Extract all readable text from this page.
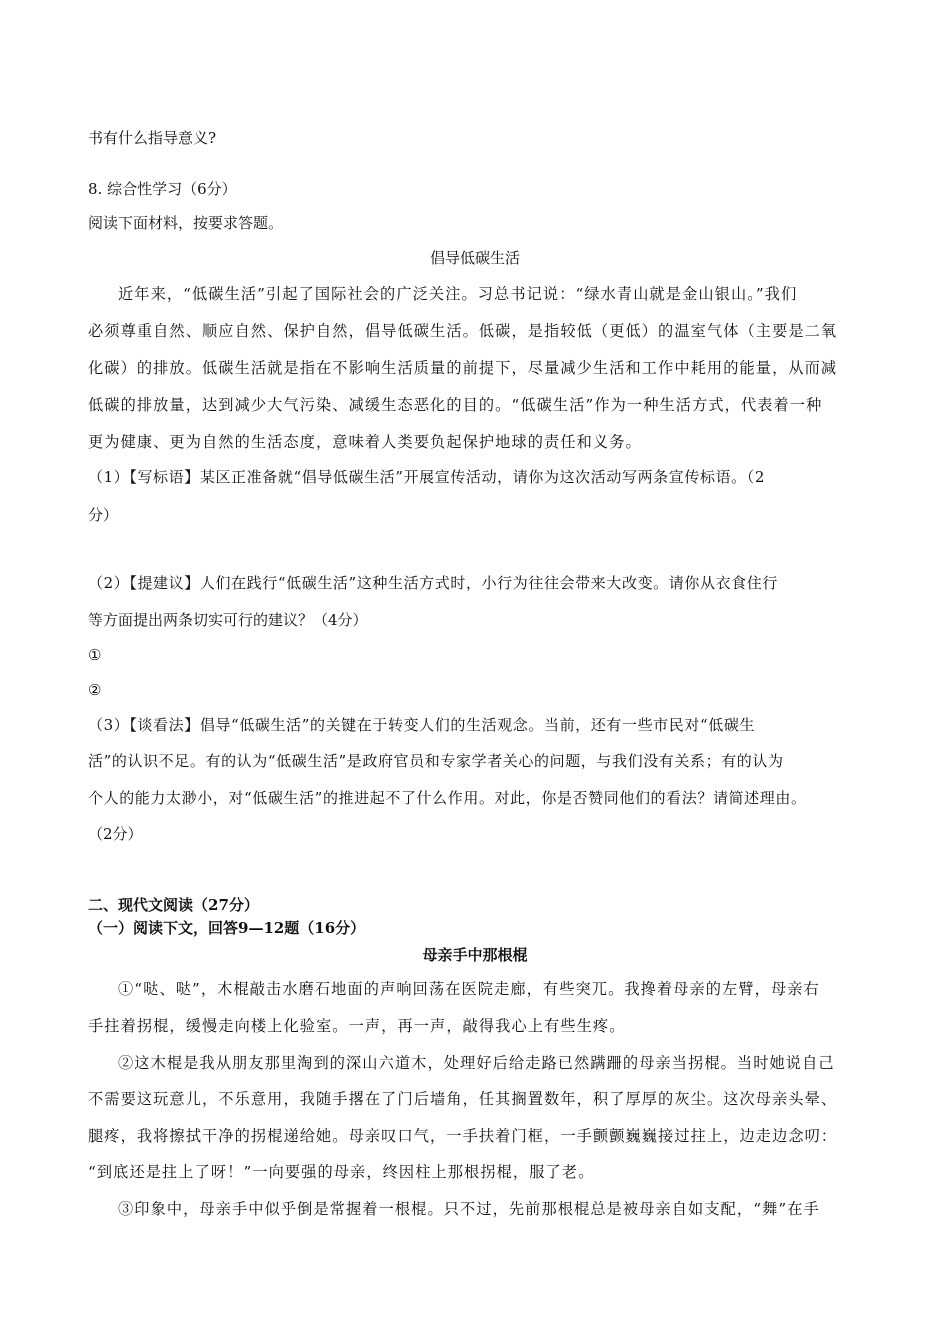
书有什么指导意义?
8. 综合性学习（6分）
阅读下面材料，按要求答题。
倡导低碳生活
近年来，“低碳生活”引起了国际社会的广泛关注。习总书记说：“绿水青山就是金山银山。”我们
必须尊重自然、顺应自然、保护自然，倡导低碳生活。低碳，是指较低（更低）的温室气体（主要是二氧
化碳）的排放。低碳生活就是指在不影响生活质量的前提下，尽量减少生活和工作中耗用的能量，从而减
低碳的排放量，达到减少大气污染、减缓生态恶化的目的。“低碳生活”作为一种生活方式，代表着一种
更为健康、更为自然的生活态度，意味着人类要负起保护地球的责任和义务。
（1）【写标语】某区正准备就“倡导低碳生活”开展宣传活动，请你为这次活动写两条宣传标语。（2
分）
（2）【提建议】人们在践行“低碳生活”这种生活方式时，小行为往往会带来大改变。请你从衣食住行
等方面提出两条切实可行的建议？（4分）
①
②
（3）【谈看法】倡导“低碳生活”的关键在于转变人们的生活观念。当前，还有一些市民对“低碳生
活”的认识不足。有的认为“低碳生活”是政府官员和专家学者关心的问题，与我们没有关系；有的认为
个人的能力太渺小，对“低碳生活”的推进起不了什么作用。对此，你是否赞同他们的看法？请简述理由。
（2分）
二、现代文阅读（27分）
（一）阅读下文，回答9—12题（16分）
母亲手中那根棍
①“哒、哒”，木棍敲击水磨石地面的声响回荡在医院走廊，有些突兀。我搀着母亲的左臂，母亲右
手拄着拐棍，缓慢走向楼上化验室。一声，再一声，敲得我心上有些生疼。
②这木棍是我从朋友那里淘到的深山六道木，处理好后给走路已然蹒跚的母亲当拐棍。当时她说自己
不需要这玩意儿，不乐意用，我随手撂在了门后墙角，任其搁置数年，积了厚厚的灰尘。这次母亲头晕、
腿疼，我将擦拭干净的拐棍递给她。母亲叹口气，一手扶着门框，一手颤颤巍巍接过拄上，边走边念叨：
“到底还是拄上了呀！”一向要强的母亲，终因柱上那根拐棍，服了老。
③印象中，母亲手中似乎倒是常握着一根棍。只不过，先前那根棍总是被母亲自如支配，“舞”在手
